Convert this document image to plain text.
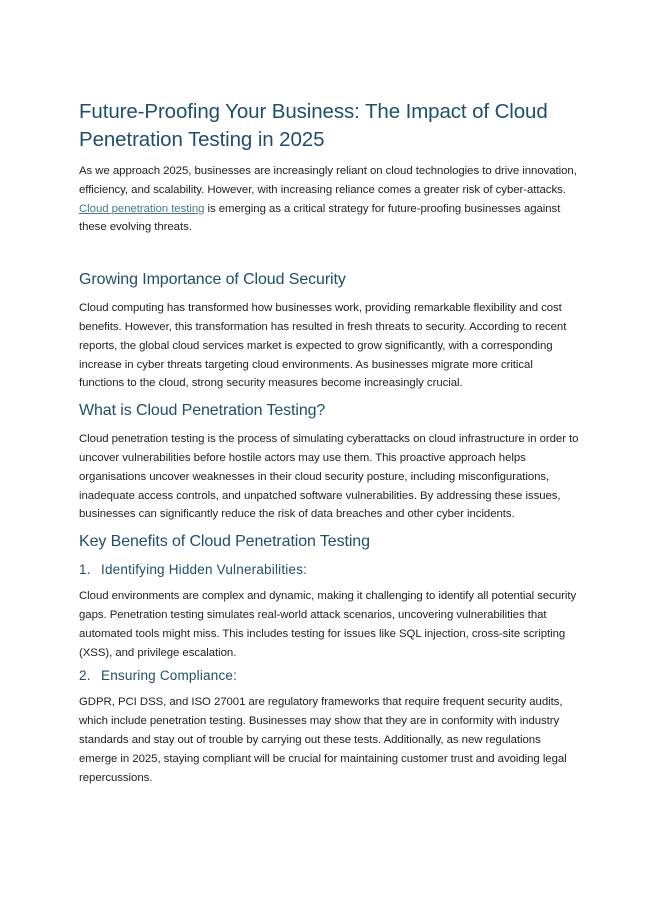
Future-Proofing Your Business: The Impact of Cloud Penetration Testing in 2025

As we approach 2025, businesses are increasingly reliant on cloud technologies to drive innovation, efficiency, and scalability. However, with increasing reliance comes a greater risk of cyber-attacks. Cloud penetration testing is emerging as a critical strategy for future-proofing businesses against these evolving threats.

Growing Importance of Cloud Security

Cloud computing has transformed how businesses work, providing remarkable flexibility and cost benefits. However, this transformation has resulted in fresh threats to security. According to recent reports, the global cloud services market is expected to grow significantly, with a corresponding increase in cyber threats targeting cloud environments. As businesses migrate more critical functions to the cloud, strong security measures become increasingly crucial.

What is Cloud Penetration Testing?

Cloud penetration testing is the process of simulating cyberattacks on cloud infrastructure in order to uncover vulnerabilities before hostile actors may use them. This proactive approach helps organisations uncover weaknesses in their cloud security posture, including misconfigurations, inadequate access controls, and unpatched software vulnerabilities. By addressing these issues, businesses can significantly reduce the risk of data breaches and other cyber incidents.

Key Benefits of Cloud Penetration Testing
1. Identifying Hidden Vulnerabilities:

Cloud environments are complex and dynamic, making it challenging to identify all potential security gaps. Penetration testing simulates real-world attack scenarios, uncovering vulnerabilities that automated tools might miss. This includes testing for issues like SQL injection, cross-site scripting (XSS), and privilege escalation.

2. Ensuring Compliance:

GDPR, PCI DSS, and ISO 27001 are regulatory frameworks that require frequent security audits, which include penetration testing. Businesses may show that they are in conformity with industry standards and stay out of trouble by carrying out these tests. Additionally, as new regulations emerge in 2025, staying compliant will be crucial for maintaining customer trust and avoiding legal repercussions.
